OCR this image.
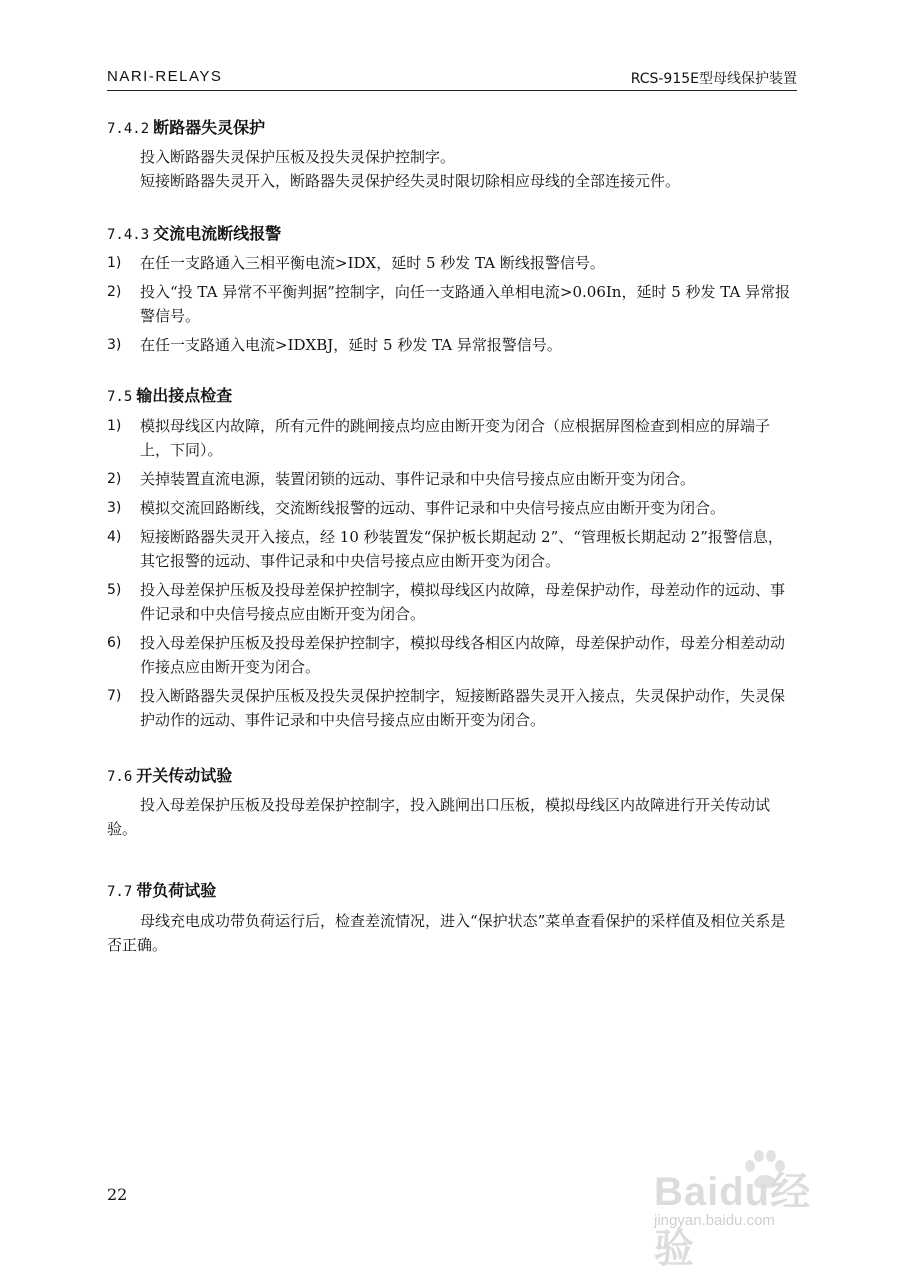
NARI-RELAYS	RCS-915E型母线保护装置
7.4.2 断路器失灵保护

投入断路器失灵保护压板及投失灵保护控制字。

短接断路器失灵开入，断路器失灵保护经失灵时限切除相应母线的全部连接元件。

7.4.3 交流电流断线报警
1) 在任一支路通入三相平衡电流>IDX，延时 5 秒发 TA 断线报警信号。
2) 投入“投 TA 异常不平衡判据”控制字，向任一支路通入单相电流>0.06In，延时 5 秒发 TA 异常报警信号。
3) 在任一支路通入电流>IDXBJ，延时 5 秒发 TA 异常报警信号。
7.5 输出接点检查
1) 模拟母线区内故障，所有元件的跳闸接点均应由断开变为闭合（应根据屏图检查到相应的屏端子上，下同）。
2) 关掉装置直流电源，装置闭锁的远动、事件记录和中央信号接点应由断开变为闭合。
3) 模拟交流回路断线，交流断线报警的远动、事件记录和中央信号接点应由断开变为闭合。
4) 短接断路器失灵开入接点，经 10 秒装置发“保护板长期起动 2”、“管理板长期起动 2”报警信息，其它报警的远动、事件记录和中央信号接点应由断开变为闭合。
5) 投入母差保护压板及投母差保护控制字，模拟母线区内故障，母差保护动作，母差动作的远动、事件记录和中央信号接点应由断开变为闭合。
6) 投入母差保护压板及投母差保护控制字，模拟母线各相区内故障，母差保护动作，母差分相差动动作接点应由断开变为闭合。
7) 投入断路器失灵保护压板及投失灵保护控制字，短接断路器失灵开入接点，失灵保护动作，失灵保护动作的远动、事件记录和中央信号接点应由断开变为闭合。
7.6 开关传动试验

投入母差保护压板及投母差保护控制字，投入跳闸出口压板，模拟母线区内故障进行开关传动试验。

7.7 带负荷试验

母线充电成功带负荷运行后，检查差流情况，进入“保护状态”菜单查看保护的采样值及相位关系是否正确。

22	Baidu经验
jingyan.baidu.com
